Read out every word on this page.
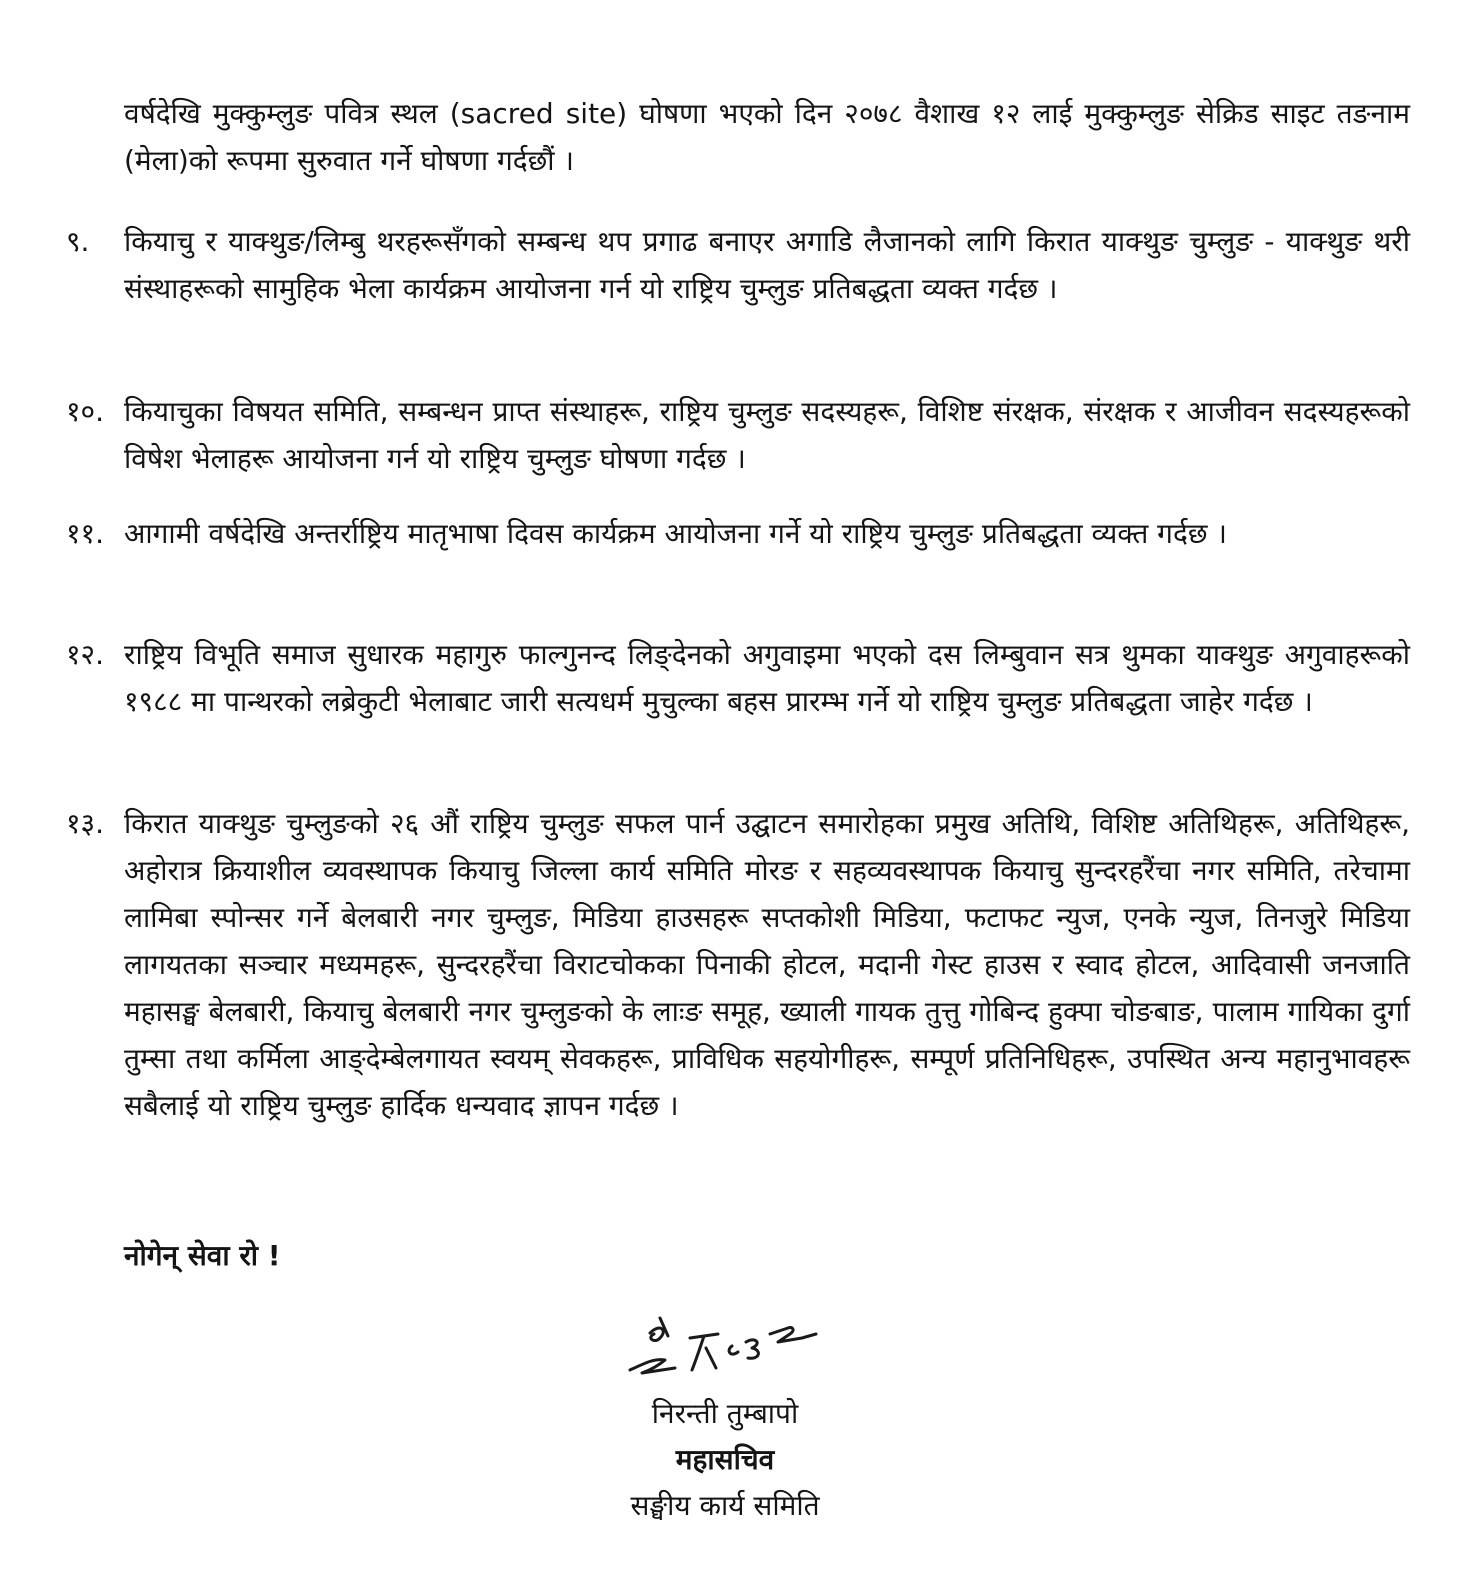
वर्षदेखि मुक्कुम्लुङ पवित्र स्थल (sacred site) घोषणा भएको दिन २०७८ वैशाख १२ लाई मुक्कुम्लुङ सेक्रिड साइट तङनाम (मेला)को रूपमा सुरुवात गर्ने घोषणा गर्दछौं ।
९.	कियाचु र याक्थुङ/लिम्बु थरहरूसँगको सम्बन्ध थप प्रगाढ बनाएर अगाडि लैजानको लागि किरात याक्थुङ चुम्लुङ - याक्थुङ थरी संस्थाहरूको सामुहिक भेला कार्यक्रम आयोजना गर्न यो राष्ट्रिय चुम्लुङ प्रतिबद्धता व्यक्त गर्दछ ।
१०. कियाचुका विषयत समिति, सम्बन्धन प्राप्त संस्थाहरू, राष्ट्रिय चुम्लुङ सदस्यहरू, विशिष्ट संरक्षक, संरक्षक र आजीवन सदस्यहरूको विषेश भेलाहरू आयोजना गर्न यो राष्ट्रिय चुम्लुङ घोषणा गर्दछ ।
११. आगामी वर्षदेखि अन्तर्राष्ट्रिय मातृभाषा दिवस कार्यक्रम आयोजना गर्ने यो राष्ट्रिय चुम्लुङ प्रतिबद्धता व्यक्त गर्दछ ।
१२. राष्ट्रिय विभूति समाज सुधारक महागुरु फाल्गुनन्द लिङ्देनको अगुवाइमा भएको दस लिम्बुवान सत्र थुमका याक्थुङ अगुवाहरूको १९८८ मा पान्थरको लब्रेकुटी भेलाबाट जारी सत्यधर्म मुचुल्का बहस प्रारम्भ गर्ने यो राष्ट्रिय चुम्लुङ प्रतिबद्धता जाहेर गर्दछ ।
१३. किरात याक्थुङ चुम्लुङको २६ औं राष्ट्रिय चुम्लुङ सफल पार्न उद्घाटन समारोहका प्रमुख अतिथि, विशिष्ट अतिथिहरू, अतिथिहरू, अहोरात्र क्रियाशील व्यवस्थापक कियाचु जिल्ला कार्य समिति मोरङ र सहव्यवस्थापक कियाचु सुन्दरहरैंचा नगर समिति, तरेचामा लामिबा स्पोन्सर गर्ने बेलबारी नगर चुम्लुङ, मिडिया हाउसहरू सप्तकोशी मिडिया, फटाफट न्युज, एनके न्युज, तिनजुरे मिडिया लागयतका सञ्चार मध्यमहरू, सुन्दरहरैंचा विराटचोकका पिनाकी होटल, मदानी गेस्ट हाउस र स्वाद होटल, आदिवासी जनजाति महासङ्घ बेलबारी, कियाचु बेलबारी नगर चुम्लुङको के लाःङ समूह, ख्याली गायक तुत्तु गोबिन्द हुक्पा चोङबाङ, पालाम गायिका दुर्गा तुम्सा तथा कर्मिला आङ्देम्बेलगायत स्वयम् सेवकहरू, प्राविधिक सहयोगीहरू, सम्पूर्ण प्रतिनिधिहरू, उपस्थित अन्य महानुभावहरू सबैलाई यो राष्ट्रिय चुम्लुङ हार्दिक धन्यवाद ज्ञापन गर्दछ ।
नोगेन् सेवा रो !
निरन्ती तुम्बापो
महासचिव
सङ्घीय कार्य समिति
